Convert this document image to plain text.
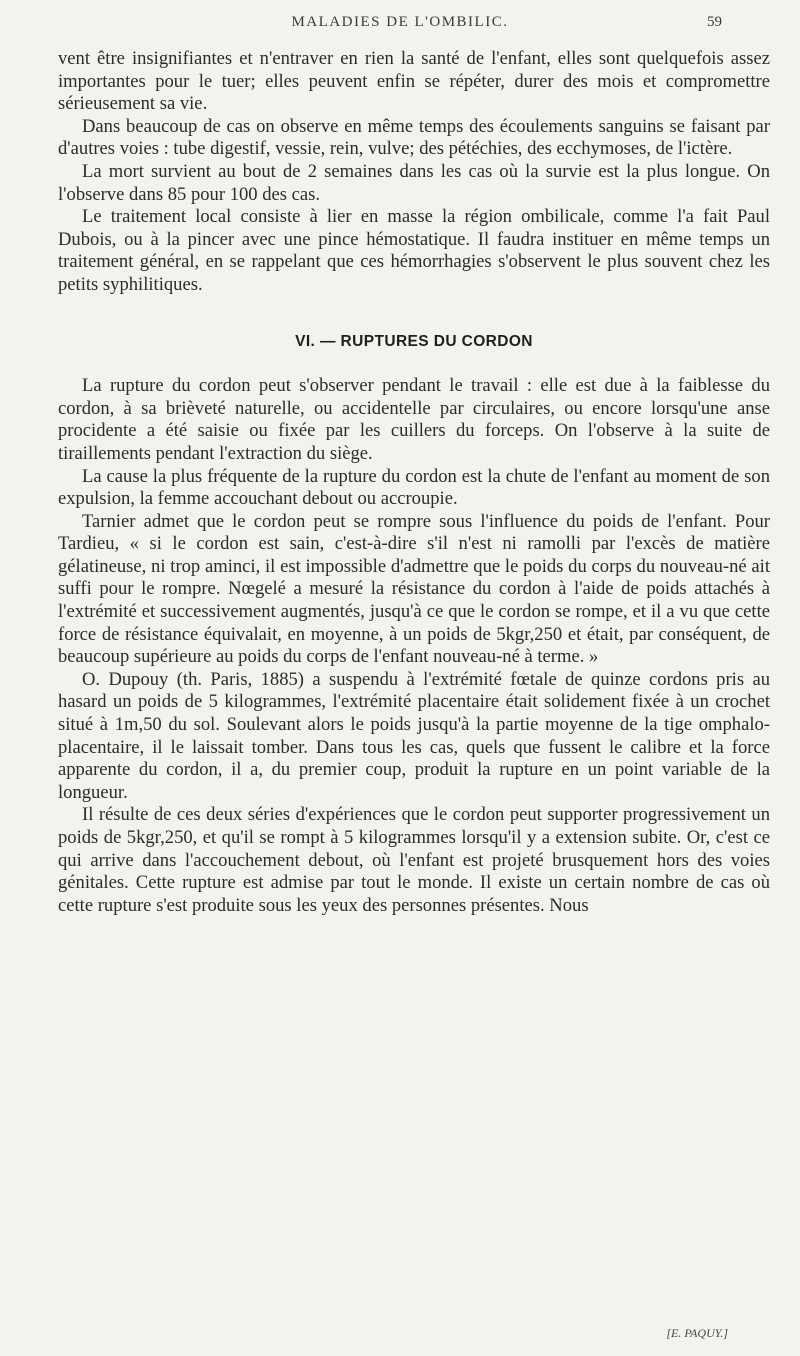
MALADIES DE L'OMBILIC.	59

vent être insignifiantes et n'entraver en rien la santé de l'enfant, elles sont quelquefois assez importantes pour le tuer; elles peuvent enfin se répéter, durer des mois et compromettre sérieusement sa vie.

Dans beaucoup de cas on observe en même temps des écoulements sanguins se faisant par d'autres voies : tube digestif, vessie, rein, vulve; des pétéchies, des ecchymoses, de l'ictère.

La mort survient au bout de 2 semaines dans les cas où la survie est la plus longue. On l'observe dans 85 pour 100 des cas.

Le traitement local consiste à lier en masse la région ombilicale, comme l'a fait Paul Dubois, ou à la pincer avec une pince hémostatique. Il faudra instituer en même temps un traitement général, en se rappelant que ces hémorrhagies s'observent le plus souvent chez les petits syphilitiques.

VI. — RUPTURES DU CORDON

La rupture du cordon peut s'observer pendant le travail : elle est due à la faiblesse du cordon, à sa brièveté naturelle, ou accidentelle par circulaires, ou encore lorsqu'une anse procidente a été saisie ou fixée par les cuillers du forceps. On l'observe à la suite de tiraillements pendant l'extraction du siège.

La cause la plus fréquente de la rupture du cordon est la chute de l'enfant au moment de son expulsion, la femme accouchant debout ou accroupie.

Tarnier admet que le cordon peut se rompre sous l'influence du poids de l'enfant. Pour Tardieu, « si le cordon est sain, c'est-à-dire s'il n'est ni ramolli par l'excès de matière gélatineuse, ni trop aminci, il est impossible d'admettre que le poids du corps du nouveau-né ait suffi pour le rompre. Nœgelé a mesuré la résistance du cordon à l'aide de poids attachés à l'extrémité et successivement augmentés, jusqu'à ce que le cordon se rompe, et il a vu que cette force de résistance équivalait, en moyenne, à un poids de 5kgr,250 et était, par conséquent, de beaucoup supérieure au poids du corps de l'enfant nouveau-né à terme. »

O. Dupouy (th. Paris, 1885) a suspendu à l'extrémité fœtale de quinze cordons pris au hasard un poids de 5 kilogrammes, l'extrémité placentaire était solidement fixée à un crochet situé à 1m,50 du sol. Soulevant alors le poids jusqu'à la partie moyenne de la tige omphalo-placentaire, il le laissait tomber. Dans tous les cas, quels que fussent le calibre et la force apparente du cordon, il a, du premier coup, produit la rupture en un point variable de la longueur.

Il résulte de ces deux séries d'expériences que le cordon peut supporter progressivement un poids de 5kgr,250, et qu'il se rompt à 5 kilogrammes lorsqu'il y a extension subite. Or, c'est ce qui arrive dans l'accouchement debout, où l'enfant est projeté brusquement hors des voies génitales. Cette rupture est admise par tout le monde. Il existe un certain nombre de cas où cette rupture s'est produite sous les yeux des personnes présentes. Nous

[E. PAQUY.]
